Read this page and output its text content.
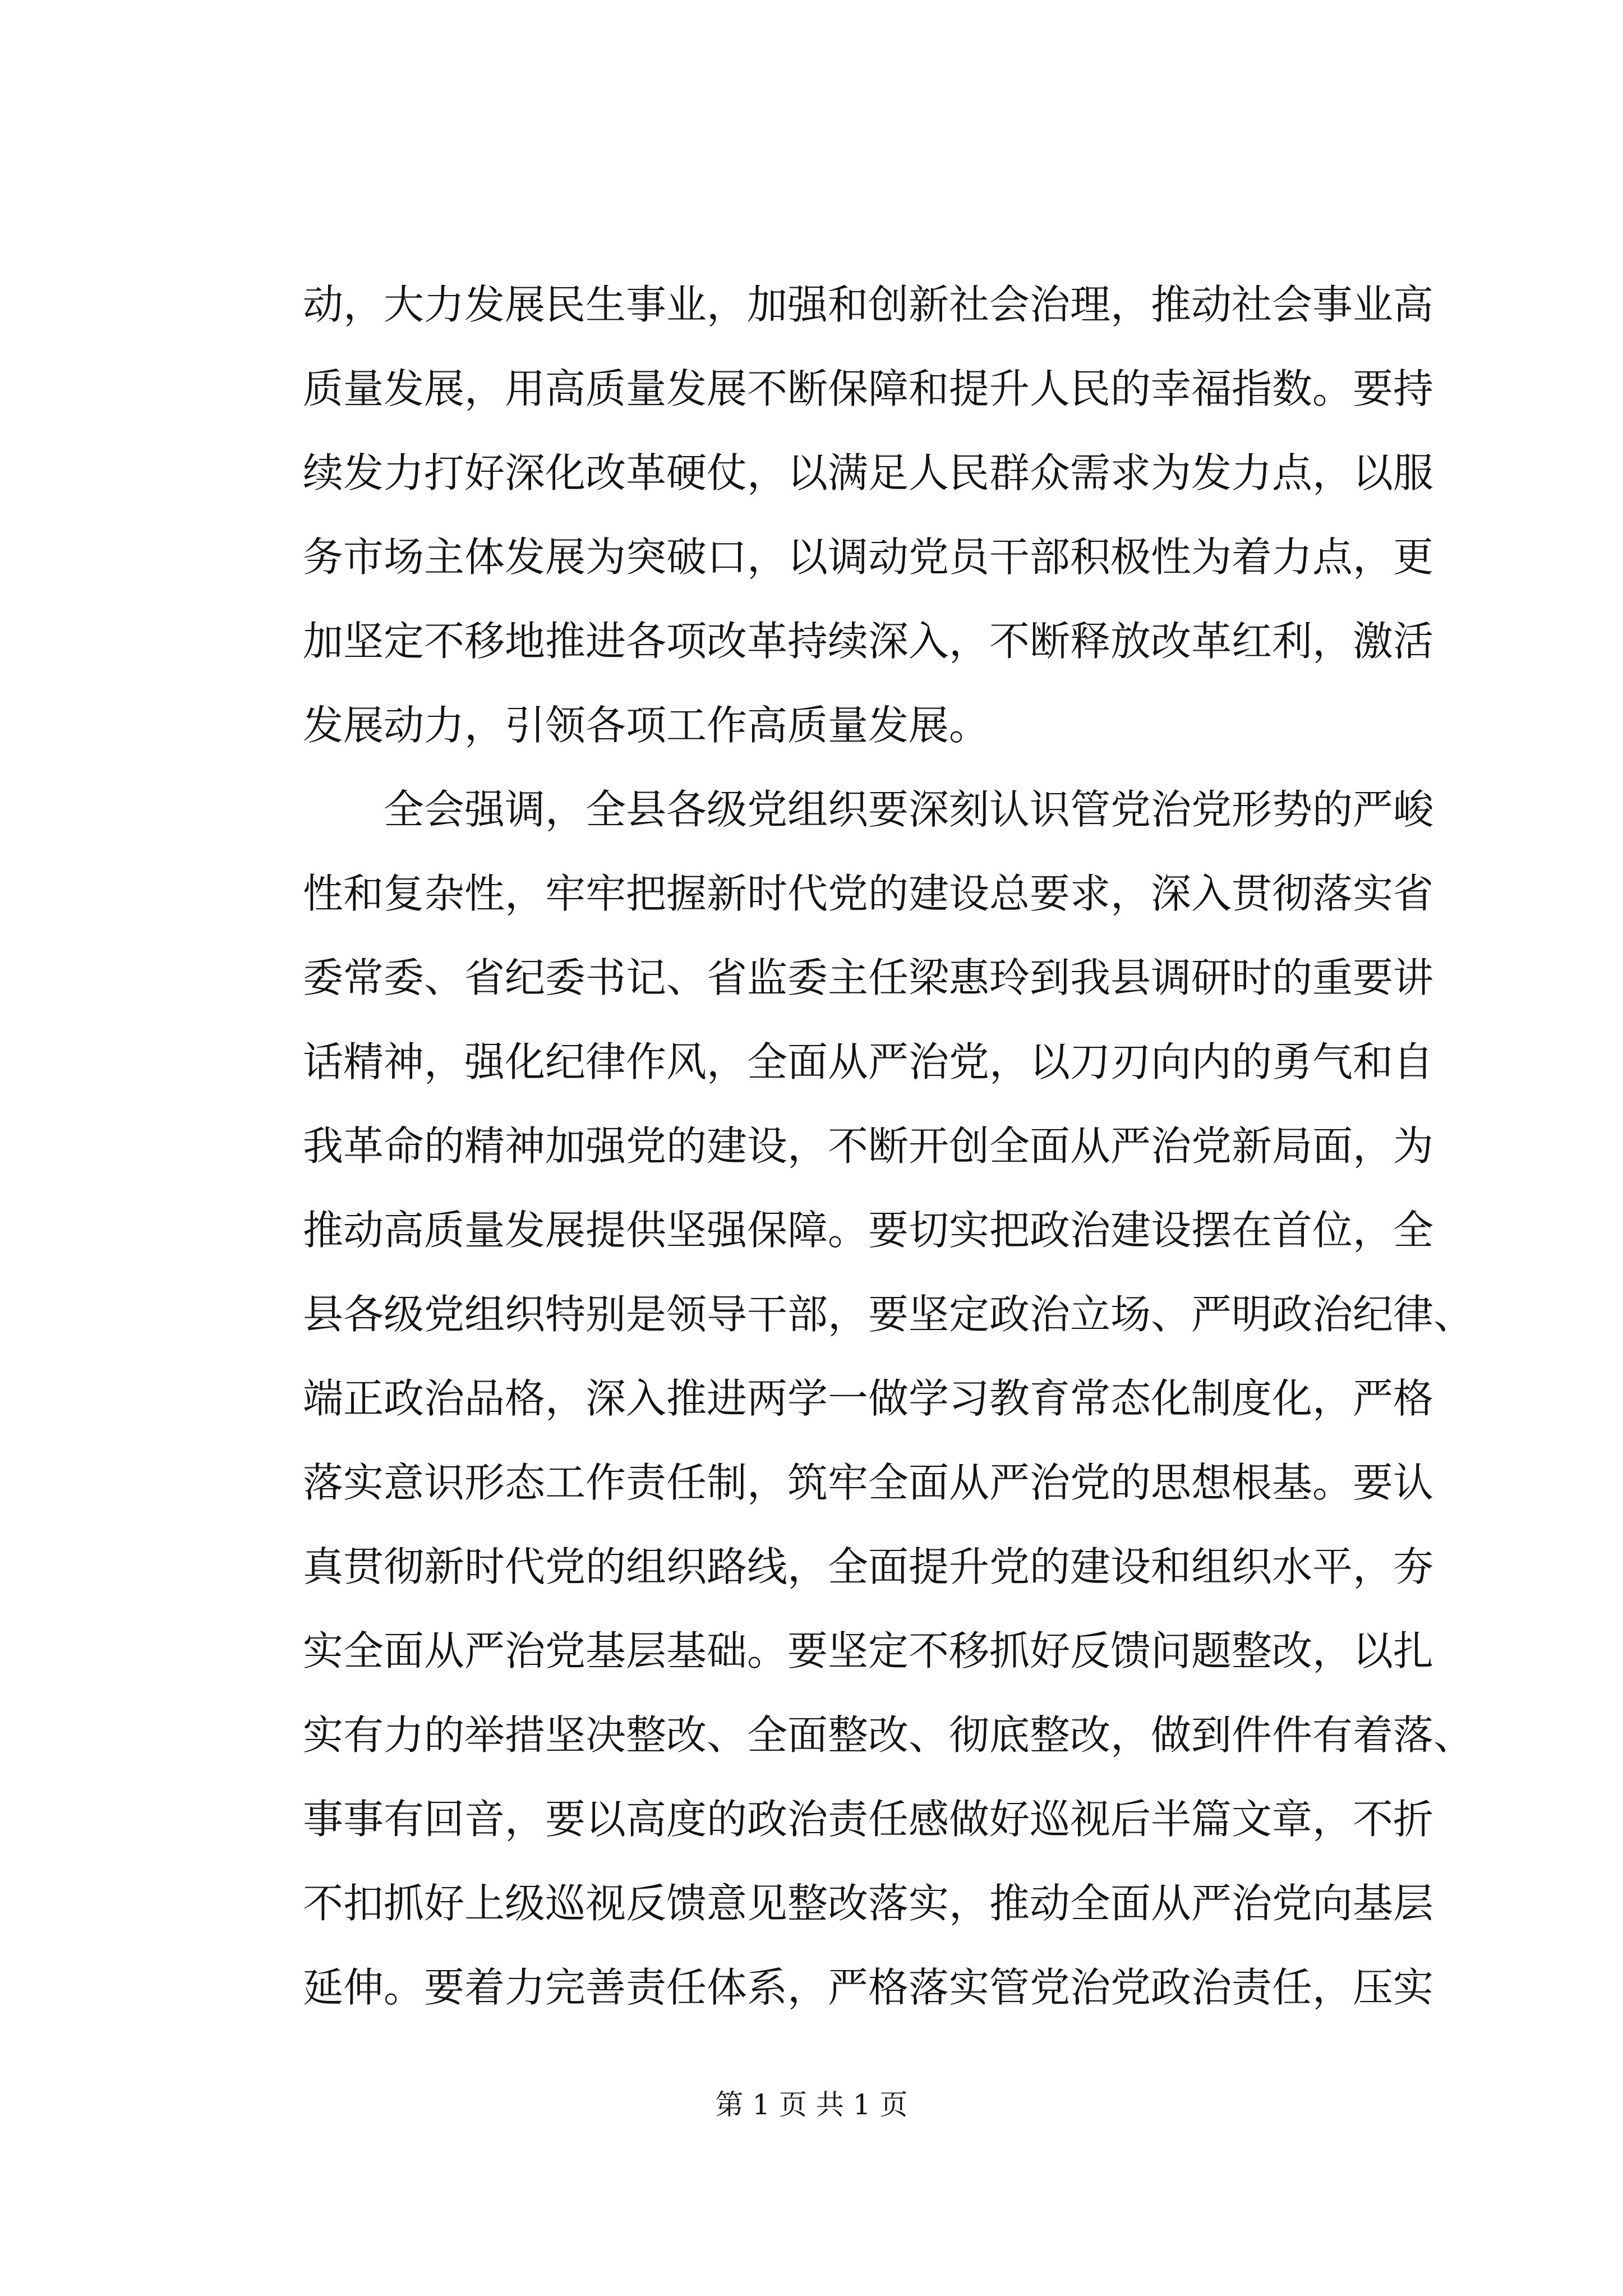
动，大力发展民生事业，加强和创新社会治理，推动社会事业高
质量发展，用高质量发展不断保障和提升人民的幸福指数。要持
续发力打好深化改革硬仗，以满足人民群众需求为发力点，以服
务市场主体发展为突破口，以调动党员干部积极性为着力点，更
加坚定不移地推进各项改革持续深入，不断释放改革红利，激活
发展动力，引领各项工作高质量发展。
全会强调，全县各级党组织要深刻认识管党治党形势的严峻
性和复杂性，牢牢把握新时代党的建设总要求，深入贯彻落实省
委常委、省纪委书记、省监委主任梁惠玲到我县调研时的重要讲
话精神，强化纪律作风，全面从严治党，以刀刃向内的勇气和自
我革命的精神加强党的建设，不断开创全面从严治党新局面，为
推动高质量发展提供坚强保障。要切实把政治建设摆在首位，全
县各级党组织特别是领导干部，要坚定政治立场、严明政治纪律、
端正政治品格，深入推进两学一做学习教育常态化制度化，严格
落实意识形态工作责任制，筑牢全面从严治党的思想根基。要认
真贯彻新时代党的组织路线，全面提升党的建设和组织水平，夯
实全面从严治党基层基础。要坚定不移抓好反馈问题整改，以扎
实有力的举措坚决整改、全面整改、彻底整改，做到件件有着落、
事事有回音，要以高度的政治责任感做好巡视后半篇文章，不折
不扣抓好上级巡视反馈意见整改落实，推动全面从严治党向基层
延伸。要着力完善责任体系，严格落实管党治党政治责任，压实
第 1 页 共 1 页
